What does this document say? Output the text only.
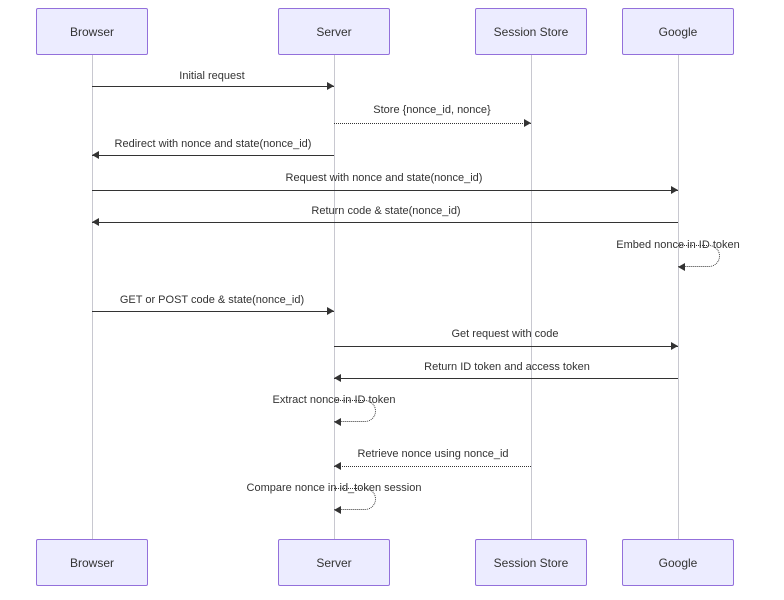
Browser
Browser
Server
Server
Session Store
Session Store
Google
Google
Initial request
Store {nonce_id, nonce}
Redirect with nonce and state(nonce_id)
Request with nonce and state(nonce_id)
Return code & state(nonce_id)
Embed nonce in ID token
GET or POST code & state(nonce_id)
Get request with code
Return ID token and access token
Extract nonce in ID token
Retrieve nonce using nonce_id
Compare nonce in id_token session
